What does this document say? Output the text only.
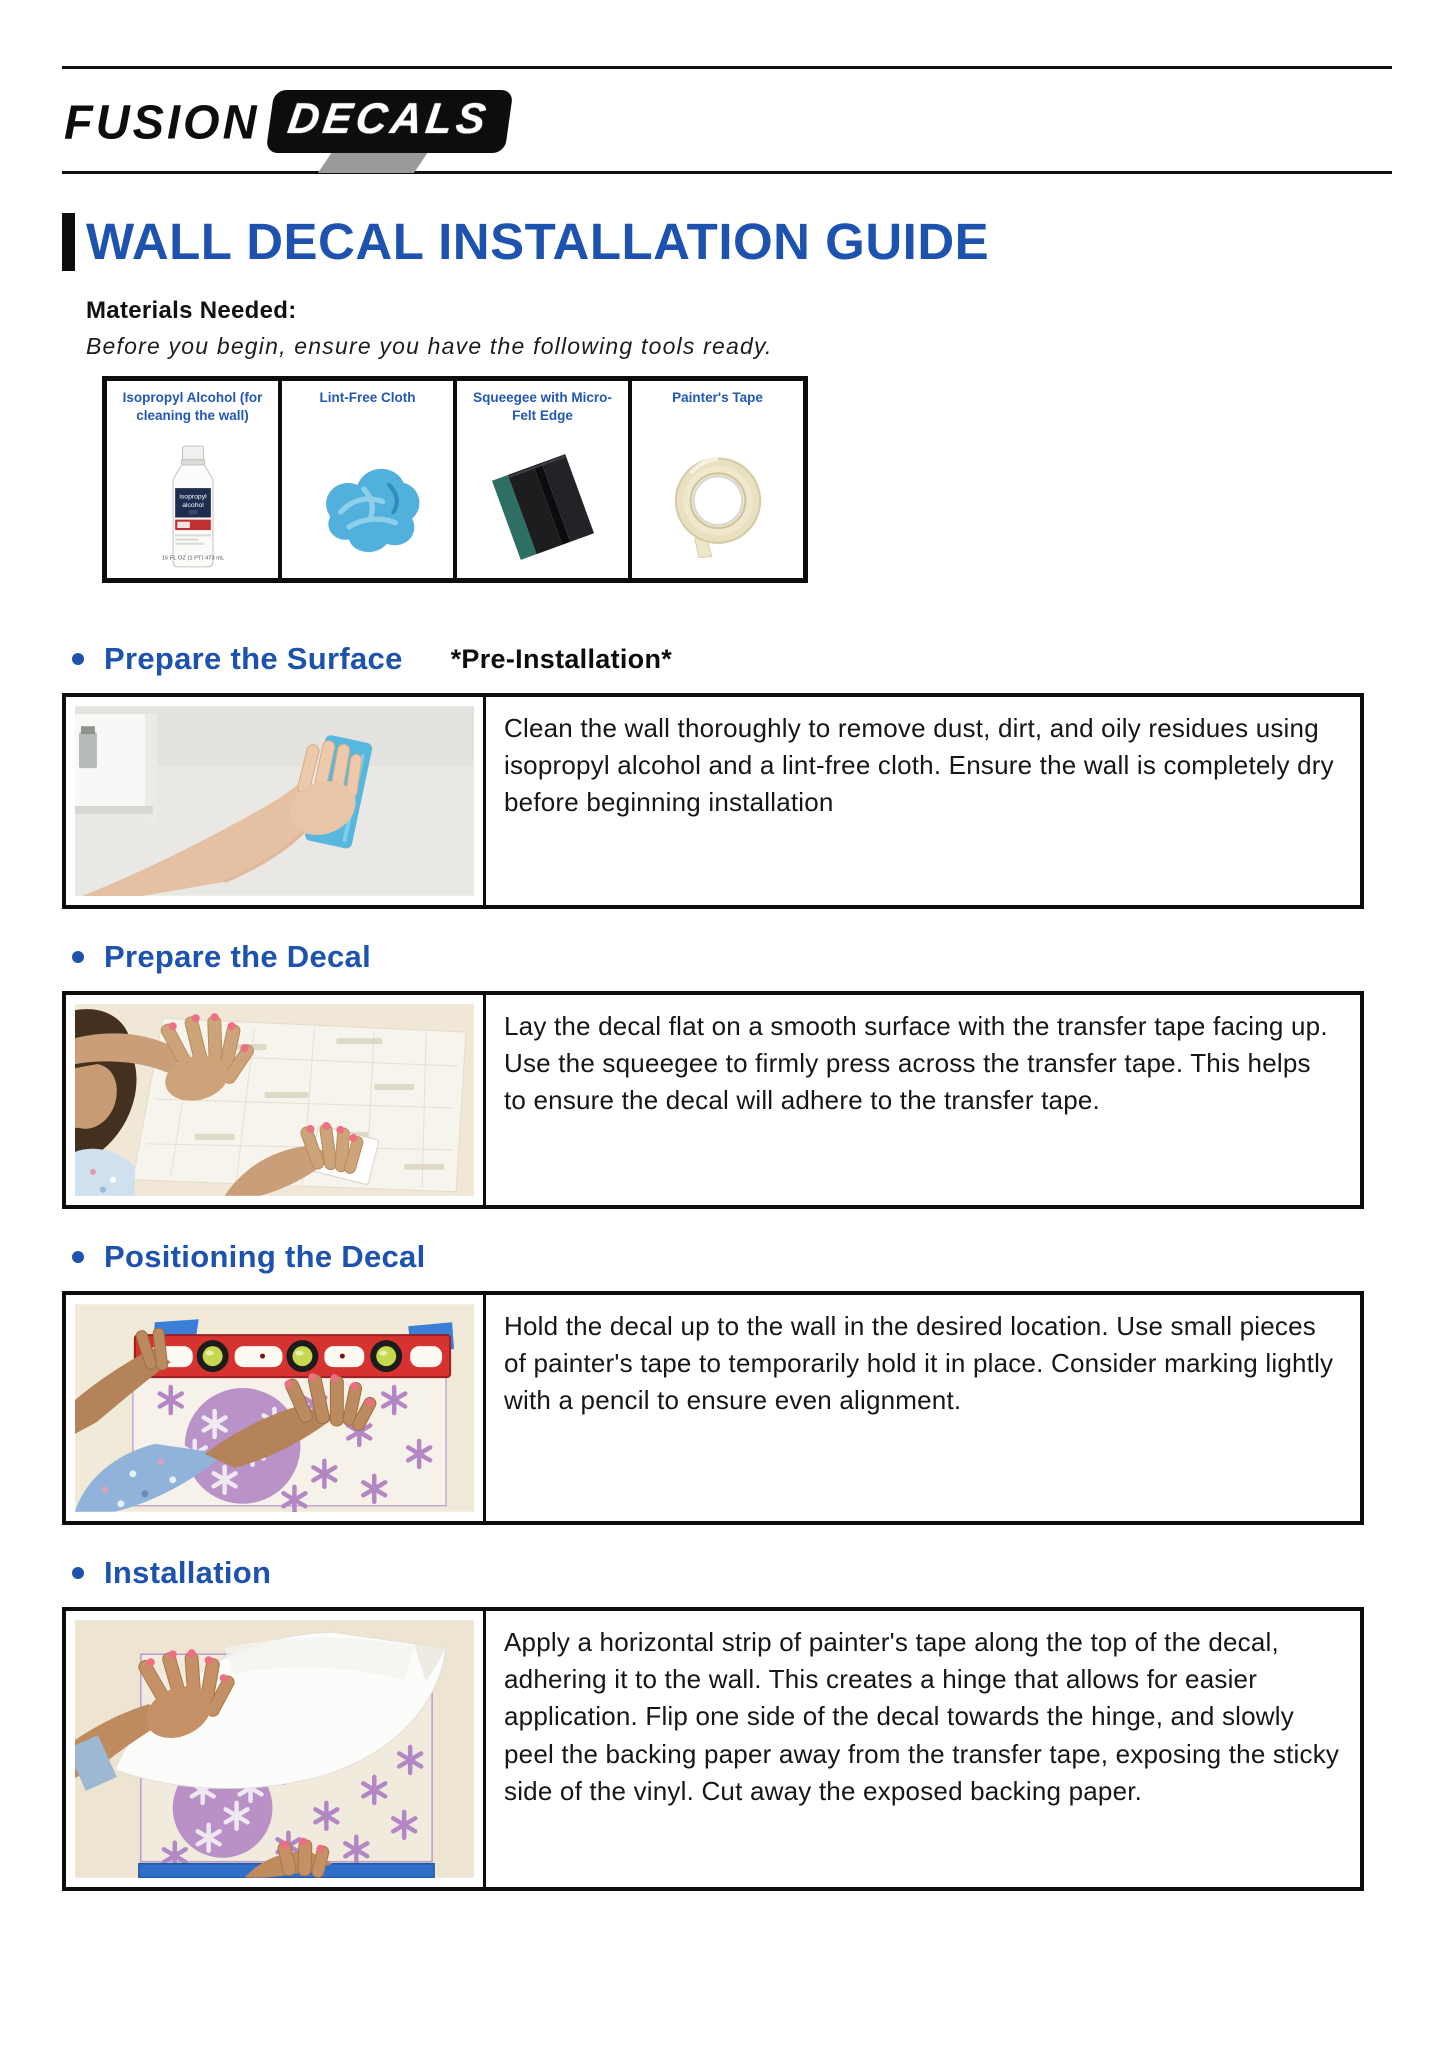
FUSION DECALS
WALL DECAL INSTALLATION GUIDE
Materials Needed:
Before you begin, ensure you have the following tools ready.
Isopropyl Alcohol (for cleaning the wall)
isopropyl
alcohol
16 FL OZ (1 PT) 473 mL
Lint-Free Cloth	Squeegee with Micro-Felt Edge
Painter's Tape
Prepare the Surface *Pre-Installation*
Clean the wall thoroughly to remove dust, dirt, and oily residues using isopropyl alcohol and a lint-free cloth. Ensure the wall is completely dry before beginning installation
Prepare the Decal
Lay the decal flat on a smooth surface with the transfer tape facing up. Use the squeegee to firmly press across the transfer tape. This helps to ensure the decal will adhere to the transfer tape.
Positioning the Decal
Hold the decal up to the wall in the desired location. Use small pieces of painter's tape to temporarily hold it in place. Consider marking lightly with a pencil to ensure even alignment.
Installation
Apply a horizontal strip of painter's tape along the top of the decal, adhering it to the wall. This creates a hinge that allows for easier application. Flip one side of the decal towards the hinge, and slowly peel the backing paper away from the transfer tape, exposing the sticky side of the vinyl. Cut away the exposed backing paper.
